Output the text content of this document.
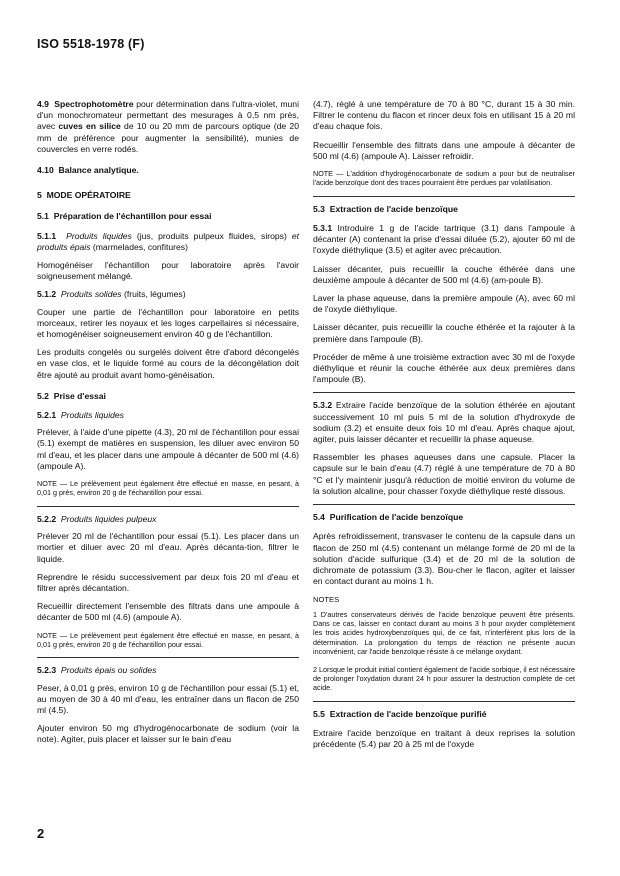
ISO 5518-1978 (F)

4.9 Spectrophotomètre pour détermination dans l'ultra-violet, muni d'un monochromateur permettant des mesurages à 0,5 nm près, avec cuves en silice de 10 ou 20 mm de parcours optique (de 20 mm de préférence pour augmenter la sensibilité), munies de couvercles en verre rodés.

4.10 Balance analytique.

5 MODE OPÉRATOIRE

5.1 Préparation de l'échantillon pour essai

5.1.1 Produits liquides (jus, produits pulpeux fluides, sirops) et produits épais (marmelades, confitures)

Homogénéiser l'échantillon pour laboratoire après l'avoir soigneusement mélangé.

5.1.2 Produits solides (fruits, légumes)

Couper une partie de l'échantillon pour laboratoire en petits morceaux, retirer les noyaux et les loges carpellaires si nécessaire, et homogénéiser soigneusement environ 40 g de l'échantillon.

Les produits congelés ou surgelés doivent être d'abord décongelés en vase clos, et le liquide formé au cours de la décongélation doit être ajouté au produit avant homo-généisation.

5.2 Prise d'essai

5.2.1 Produits liquides

Prélever, à l'aide d'une pipette (4.3), 20 ml de l'échantillon pour essai (5.1) exempt de matières en suspension, les diluer avec environ 50 ml d'eau, et les placer dans une ampoule à décanter de 500 ml (4.6) (ampoule A).

NOTE — Le prélèvement peut également être effectué en masse, en pesant, à 0,01 g près, environ 20 g de l'échantillon pour essai.

5.2.2 Produits liquides pulpeux

Prélever 20 ml de l'échantillon pour essai (5.1). Les placer dans un mortier et diluer avec 20 ml d'eau. Après décanta-tion, filtrer le liquide.

Reprendre le résidu successivement par deux fois 20 ml d'eau et filtrer après décantation.

Recueillir directement l'ensemble des filtrats dans une ampoule à décanter de 500 ml (4.6) (ampoule A).

NOTE — Le prélèvement peut également être effectué en masse, en pesant, à 0,01 g près, environ 20 g de l'échantillon pour essai.

5.2.3 Produits épais ou solides

Peser, à 0,01 g près, environ 10 g de l'échantillon pour essai (5.1) et, au moyen de 30 à 40 ml d'eau, les entraîner dans un flacon de 250 ml (4.5).

Ajouter environ 50 mg d'hydrogénocarbonate de sodium (voir la note). Agiter, puis placer et laisser sur le bain d'eau

(4.7), réglé à une température de 70 à 80 °C, durant 15 à 30 min. Filtrer le contenu du flacon et rincer deux fois en utilisant 15 à 20 ml d'eau chaque fois.

Recueillir l'ensemble des filtrats dans une ampoule à décanter de 500 ml (4.6) (ampoule A). Laisser refroidir.

NOTE — L'addition d'hydrogénocarbonate de sodium a pour but de neutraliser l'acide benzoïque dont des traces pourraient être perdues par volatilisation.

5.3 Extraction de l'acide benzoïque

5.3.1 Introduire 1 g de l'acide tartrique (3.1) dans l'ampoule à décanter (A) contenant la prise d'essai diluée (5.2), ajouter 60 ml de l'oxyde diéthylique (3.5) et agiter avec précaution.

Laisser décanter, puis recueillir la couche éthérée dans une deuxième ampoule à décanter de 500 ml (4.6) (am-poule B).

Laver la phase aqueuse, dans la première ampoule (A), avec 60 ml de l'oxyde diéthylique.

Laisser décanter, puis recueillir la couche éthérée et la rajouter à la première dans l'ampoule (B).

Procéder de même à une troisième extraction avec 30 ml de l'oxyde diéthylique et réunir la couche éthérée aux deux premières dans l'ampoule (B).

5.3.2 Extraire l'acide benzoïque de la solution éthérée en ajoutant successivement 10 ml puis 5 ml de la solution d'hydroxyde de sodium (3.2) et ensuite deux fois 10 ml d'eau. Après chaque ajout, agiter, puis laisser décanter et recueillir la phase aqueuse.

Rassembler les phases aqueuses dans une capsule. Placer la capsule sur le bain d'eau (4.7) réglé à une température de 70 à 80 °C et l'y maintenir jusqu'à réduction de moitié environ du volume de la solution alcaline, pour chasser l'oxyde diéthylique resté dissous.

5.4 Purification de l'acide benzoïque

Après refroidissement, transvaser le contenu de la capsule dans un flacon de 250 ml (4.5) contenant un mélange formé de 20 ml de la solution d'acide sulfurique (3.4) et de 20 ml de la solution de dichromate de potassium (3.3). Bou-cher le flacon, agiter et laisser en contact durant au moins 1 h.

NOTES

1 D'autres conservateurs dérivés de l'acide benzoïque peuvent être présents. Dans ce cas, laisser en contact durant au moins 3 h pour oxyder complètement les trois acides hydroxybenzoïques qui, de ce fait, n'interfèrent plus lors de la détermination. La prolongation du temps de réaction ne présente aucun inconvénient, car l'acide benzoïque résiste à ce mélange oxydant.

2 Lorsque le produit initial contient également de l'acide sorbique, il est nécessaire de prolonger l'oxydation durant 24 h pour assurer la destruction complète de cet acide.

5.5 Extraction de l'acide benzoïque purifié

Extraire l'acide benzoïque en traitant à deux reprises la solution précédente (5.4) par 20 à 25 ml de l'oxyde

2
